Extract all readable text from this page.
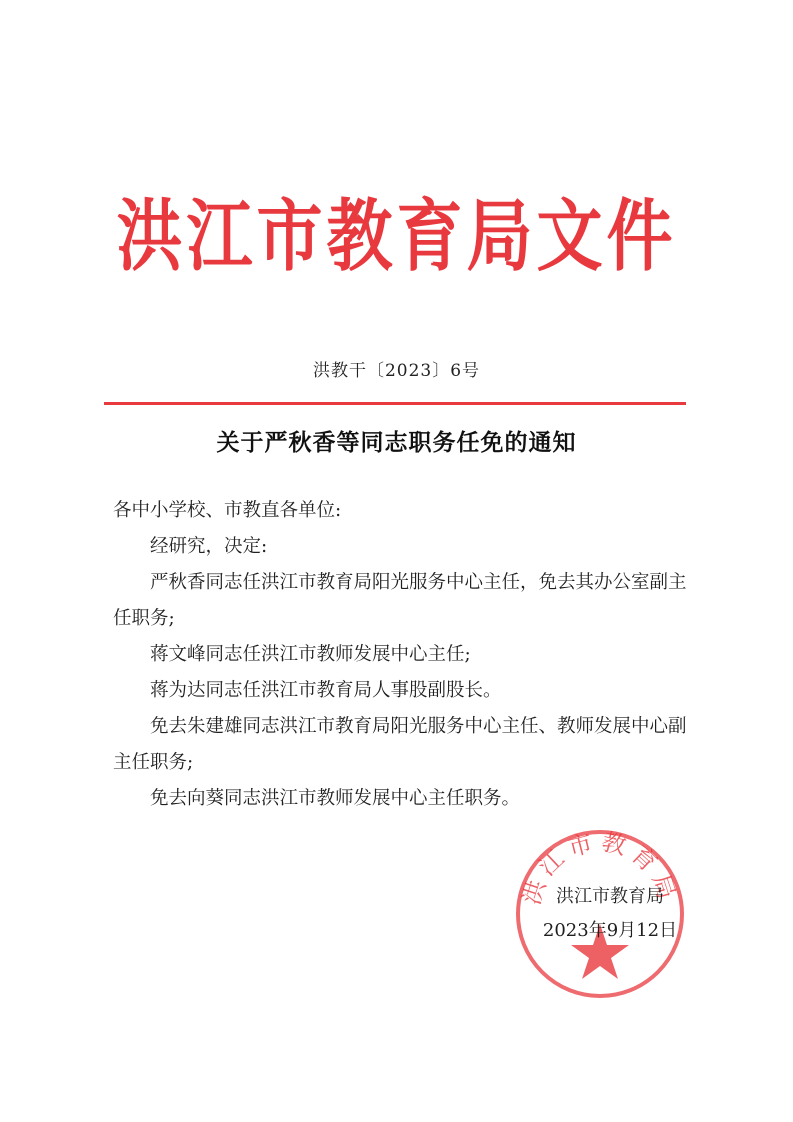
洪江市教育局文件
洪教干〔2023〕6号
关于严秋香等同志职务任免的通知

各中小学校、市教直各单位:

经研究，决定:

严秋香同志任洪江市教育局阳光服务中心主任，免去其办公室副主任职务;

蒋文峰同志任洪江市教师发展中心主任;

蒋为达同志任洪江市教育局人事股副股长。

免去朱建雄同志洪江市教育局阳光服务中心主任、教师发展中心副主任职务;

免去向葵同志洪江市教师发展中心主任职务。

洪江市教育局
洪江市教育局
2023年9月12日
